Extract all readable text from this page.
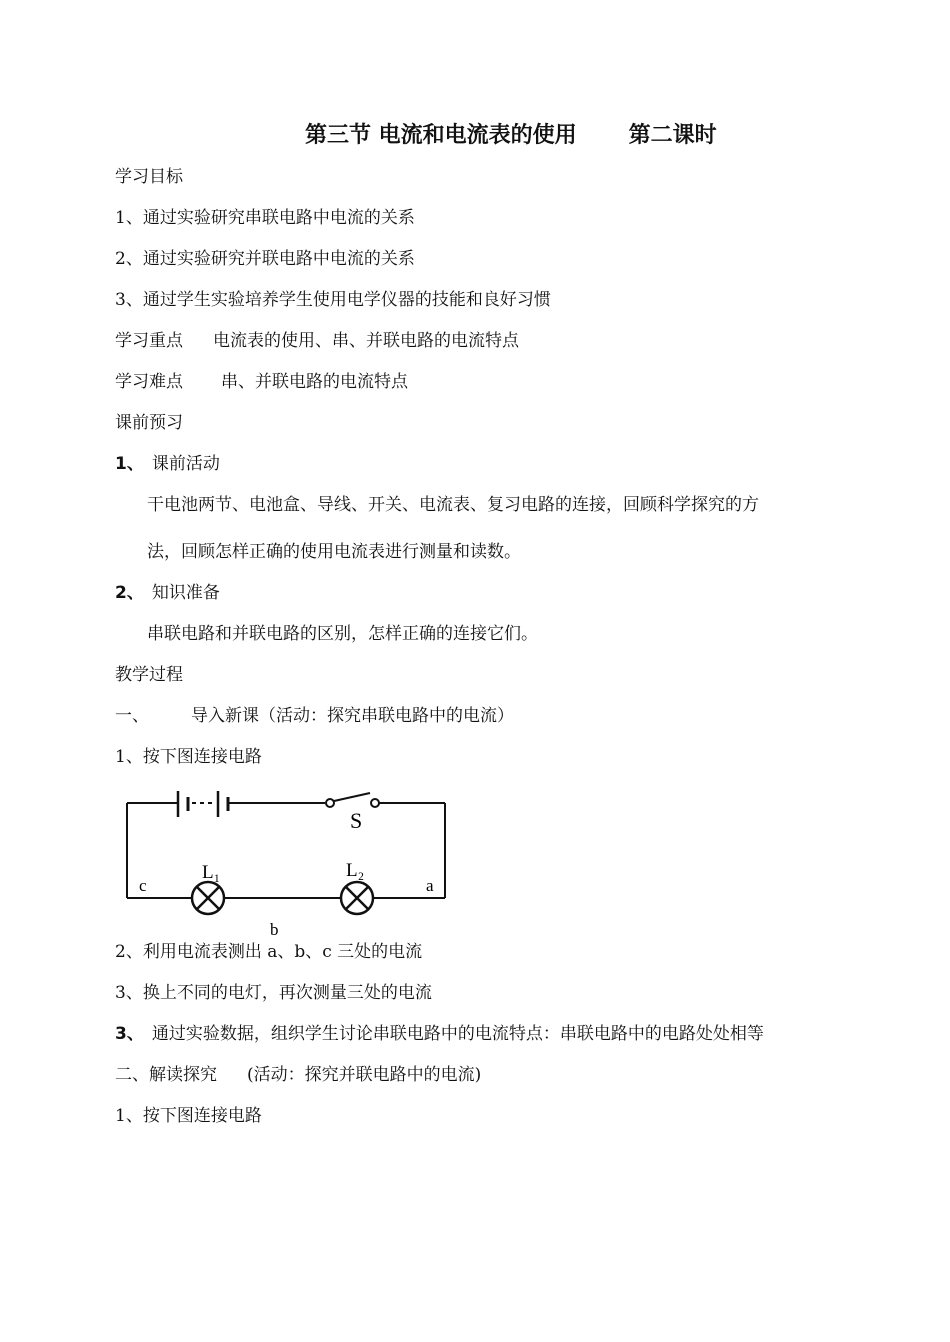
第三节 电流和电流表的使用 第二课时
学习目标
1、通过实验研究串联电路中电流的关系
2、通过实验研究并联电路中电流的关系
3、通过学生实验培养学生使用电学仪器的技能和良好习惯
学习重点 电流表的使用、串、并联电路的电流特点
学习难点 串、并联电路的电流特点
课前预习
1、 课前活动
干电池两节、电池盒、导线、开关、电流表、复习电路的连接，回顾科学探究的方
法，回顾怎样正确的使用电流表进行测量和读数。
2、 知识准备
串联电路和并联电路的区别，怎样正确的连接它们。
教学过程
一、 导入新课（活动：探究串联电路中的电流）
1、按下图连接电路
S
L₁	L₂
c	a
b
2、利用电流表测出 a、b、c 三处的电流
3、换上不同的电灯，再次测量三处的电流
3、 通过实验数据，组织学生讨论串联电路中的电流特点：串联电路中的电路处处相等
二、解读探究 (活动：探究并联电路中的电流)
1、按下图连接电路
